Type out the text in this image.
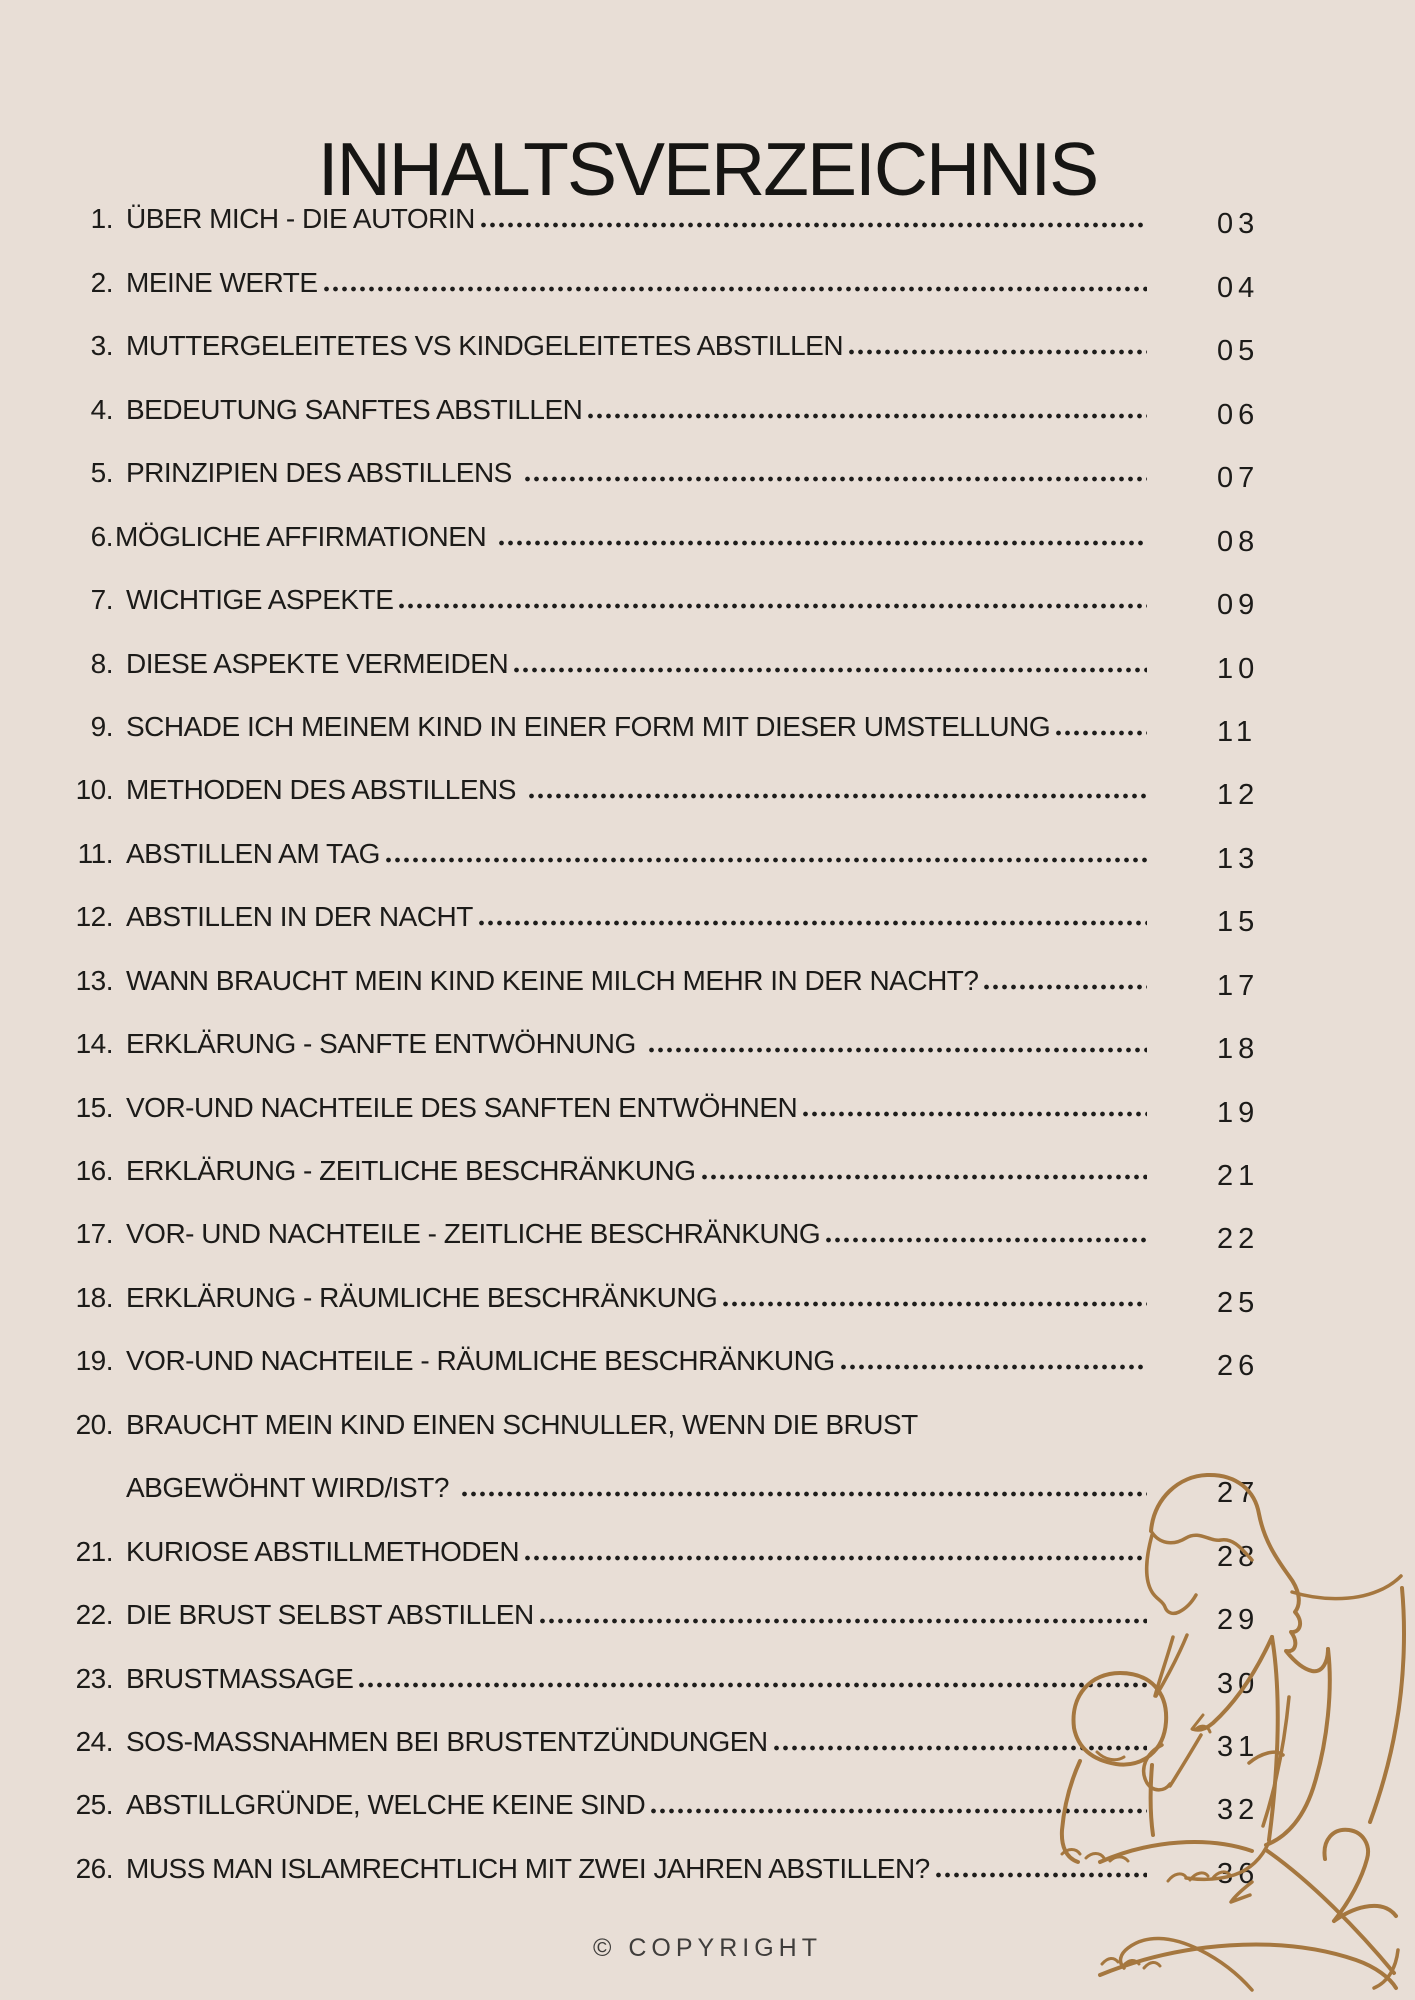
INHALTSVERZEICHNIS
1. ÜBER MICH - DIE AUTORIN	03
2. MEINE WERTE	04
3. MUTTERGELEITETES VS KINDGELEITETES ABSTILLEN	05
4. BEDEUTUNG SANFTES ABSTILLEN	06
5. PRINZIPIEN DES ABSTILLENS	07
6. MÖGLICHE AFFIRMATIONEN	08
7. WICHTIGE ASPEKTE	09
8. DIESE ASPEKTE VERMEIDEN	10
9. SCHADE ICH MEINEM KIND IN EINER FORM MIT DIESER UMSTELLUNG	11
10. METHODEN DES ABSTILLENS	12
11. ABSTILLEN AM TAG	13
12. ABSTILLEN IN DER NACHT	15
13. WANN BRAUCHT MEIN KIND KEINE MILCH MEHR IN DER NACHT?	17
14. ERKLÄRUNG - SANFTE ENTWÖHNUNG	18
15. VOR-UND NACHTEILE DES SANFTEN ENTWÖHNEN	19
16. ERKLÄRUNG - ZEITLICHE BESCHRÄNKUNG	21
17. VOR- UND NACHTEILE - ZEITLICHE BESCHRÄNKUNG	22
18. ERKLÄRUNG - RÄUMLICHE BESCHRÄNKUNG	25
19. VOR-UND NACHTEILE - RÄUMLICHE BESCHRÄNKUNG	26
20. BRAUCHT MEIN KIND EINEN SCHNULLER, WENN DIE BRUST
ABGEWÖHNT WIRD/IST?	27
21. KURIOSE ABSTILLMETHODEN	28
22. DIE BRUST SELBST ABSTILLEN	29
23. BRUSTMASSAGE	30
24. SOS-MASSNAHMEN BEI BRUSTENTZÜNDUNGEN	31
25. ABSTILLGRÜNDE, WELCHE KEINE SIND	32
26. MUSS MAN ISLAMRECHTLICH MIT ZWEI JAHREN ABSTILLEN?	36
© COPYRIGHT
